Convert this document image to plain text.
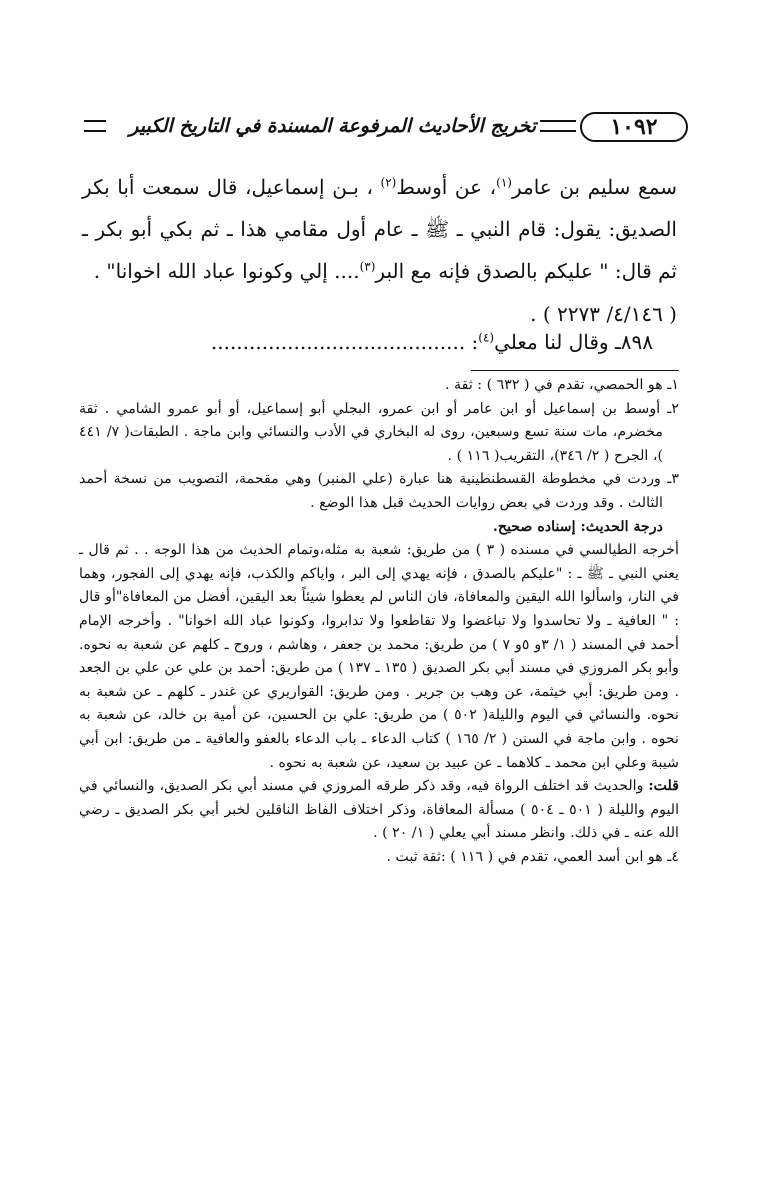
١٠٩٢
تخريج الأحاديث المرفوعة المسندة في التاريخ الكبير

سمع سليم بن عامر$^{(١)}$، عن أوسط$^{(٢)}$ ، بـن إسماعيل، قال سمعت أبا بكر الصديق: يقول: قام النبي ـ ﷺ ـ عام أول مقامي هذا ـ ثم بكي أبو بكر ـ ثم قال: " عليكم بالصدق فإنه مع البر$^{(٣)}$.... إلي وكونوا عباد الله اخوانا" .

( ٤/١٤٦/ ٢٢٧٣ ) .

٨٩٨ـ وقال لنا معلي$^{(٤)}$: ........................................

١ـ هو الحمصي، تقدم في ( ٦٣٢ ) : ثقة .

٢ـ أوسط بن إسماعيل أو ابن عامر أو ابن عمرو، البجلي أبو إسماعيل، أو أبو عمرو الشامي . ثقة مخضرم، مات سنة تسع وسبعين، روى له البخاري في الأدب والنسائي وابن ماجة . الطبقات( ٧/ ٤٤١ )، الجرح ( ٢/ ٣٤٦)، التقريب( ١١٦ ) .

٣ـ وردت في مخطوطة القسطنطينية هنا عبارة (علي المنبر) وهي مقحمة، التصويب من نسخة أحمد الثالث . وقد وردت في بعض روايات الحديث قبل هذا الوضع .

درجة الحديث: إسناده صحيح.

أخرجه الطيالسي في مسنده ( ٣ ) من طريق: شعبة به مثله،وتمام الحديث من هذا الوجه . . ثم قال ـ يعني النبي ـ ﷺ ـ : "عليكم بالصدق ، فإنه يهدي إلى البر ، واياكم والكذب، فإنه يهدي إلى الفجور، وهما في النار، واسألوا الله اليقين والمعافاة، فان الناس لم يعطوا شيئاً بعد اليقين، أفضل من المعافاة"أو قال : " العافية ـ ولا تحاسدوا ولا تباغضوا ولا تقاطعوا ولا تدابروا، وكونوا عباد الله اخوانا" . وأخرجه الإمام أحمد في المسند ( ١/ ٣و ٥و ٧ ) من طريق: محمد بن جعفر ، وهاشم ، وروح ـ كلهم عن شعبة به نحوه. وأبو بكر المروزي في مسند أبي بكر الصديق ( ١٣٥ ـ ١٣٧ ) من طريق: أحمد بن علي عن علي بن الجعد . ومن طريق: أبي خيثمة، عن وهب بن جرير . ومن طريق: القواريري عن غندر ـ كلهم ـ عن شعبة به نحوه. والنسائي في اليوم والليلة( ٥٠٢ ) من طريق: علي بن الحسين، عن أمية بن خالد، عن شعبة به نحوه . وابن ماجة في السنن ( ٢/ ١٦٥ ) كتاب الدعاء ـ باب الدعاء بالعفو والعافية ـ من طريق: ابن أبي شيبة وعلي ابن محمد ـ كلاهما ـ عن عبيد بن سعيد، عن شعبة به نحوه .

قلت: والحديث قد اختلف الرواة فيه، وقد ذكر طرقه المروزي في مسند أبي بكر الصديق، والنسائي في اليوم والليلة ( ٥٠١ ـ ٥٠٤ ) مسألة المعافاة، وذكر اختلاف الفاظ الناقلين لخبر أبي بكر الصديق ـ رضي الله عنه ـ في ذلك. وانظر مسند أبي يعلي ( ١/ ٢٠ ) .

٤ـ هو ابن أسد العمي، تقدم في ( ١١٦ ) :ثقة ثبت .
